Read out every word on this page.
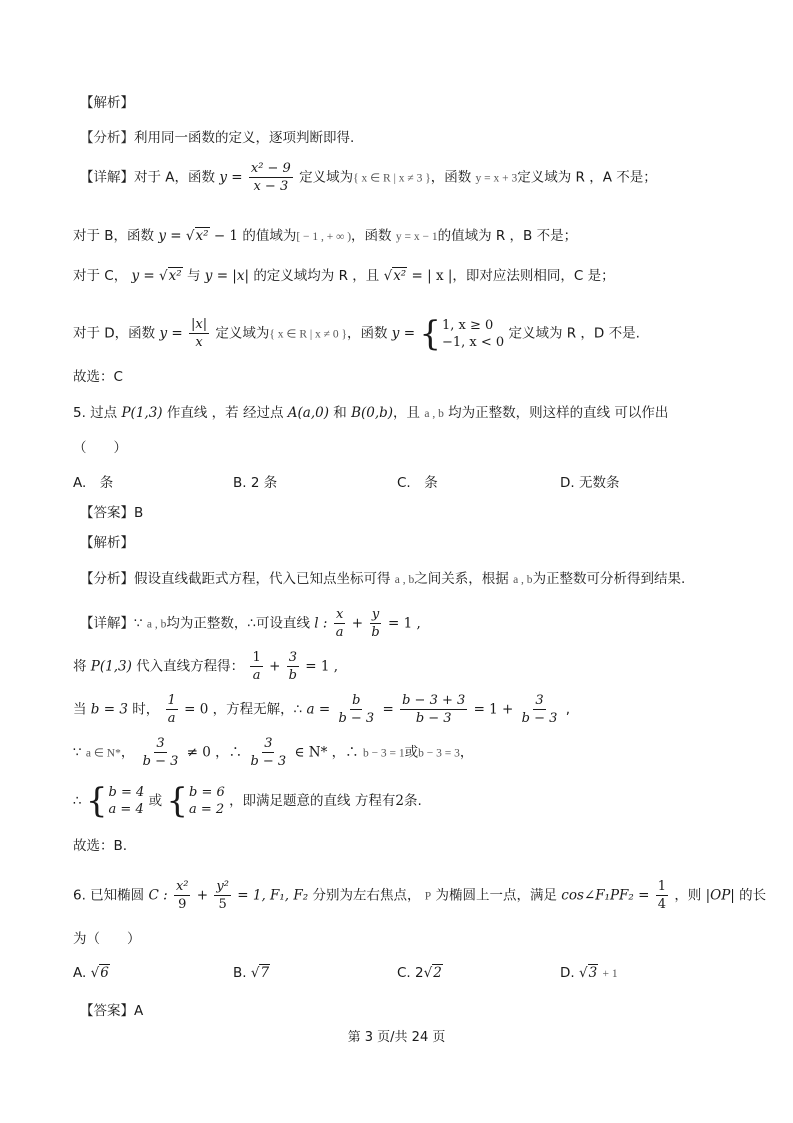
【解析】
【分析】利用同一函数的定义，逐项判断即得.
【详解】对于 A，函数 $y = \frac{\text{x² − 9}}{x - 3}$ 定义域为{ x ∈ R | x ≠ 3 }，函数 y = x + 3定义域为 R ，A 不是；
对于 B，函数 y = √x² − 1 的值域为[ − 1 , + ∞ )，函数 y = x − 1的值域为 R ，B 不是；
对于 C， y = √x² 与 y = |x| 的定义域均为 R ，且 √x² = | x |，即对应法则相同，C 是；
对于 D，函数 $y = \frac{|x|}{x}$ 定义域为{ x ∈ R | x ≠ 0 }，函数 y = { 1, x ≥ 0
−1, x < 0
定义域为 R ，D 不是.
故选：C
5. 过点 P(1,3) 作直线 ，若 经过点 A(a,0) 和 B(0,b)，且 a , b 均为正整数，则这样的直线 可以作出
（　　）
A.　条	B. 2 条	C.　条	D. 无数条
【答案】B
【解析】
【分析】假设直线截距式方程，代入已知点坐标可得 a , b之间关系，根据 a , b为正整数可分析得到结果.
【详解】∵ a , b均为正整数，∴可设直线 l : $\frac{x}{a} + \frac{y}{b} = 1$ ,
将 P(1,3) 代入直线方程得： $\frac{1}{a} + \frac{3}{b} = 1$ ,
当 b = 3 时， $\frac{1}{a} = 0$ ，方程无解，∴ $a = \frac{b}{b - 3} = \frac{b - 3 + 3}{b - 3} = 1 + \frac{3}{b - 3}$ ,
∵ a ∈ N*， $\frac{3}{b - 3} \ne 0$ ，∴ $\frac{3}{b - 3}$ ∈ N* ，∴ b − 3 = 1或b − 3 = 3，
∴ { b = 4
a = 4
或 { b = 6
a = 2
，即满足题意的直线 方程有2条.
故选：B.
6. 已知椭圆 C : $\frac{\text{x²}}{9} + \frac{\text{y²}}{5} = 1$, F₁, F₂ 分别为左右焦点， P 为椭圆上一点，满足 cos∠F₁PF₂ = $\frac{1}{4}$ ，则 |OP| 的长
为（　　）
A. √6	B. √7	C. 2√2	D. √3 + 1
【答案】A
第 3 页/共 24 页
